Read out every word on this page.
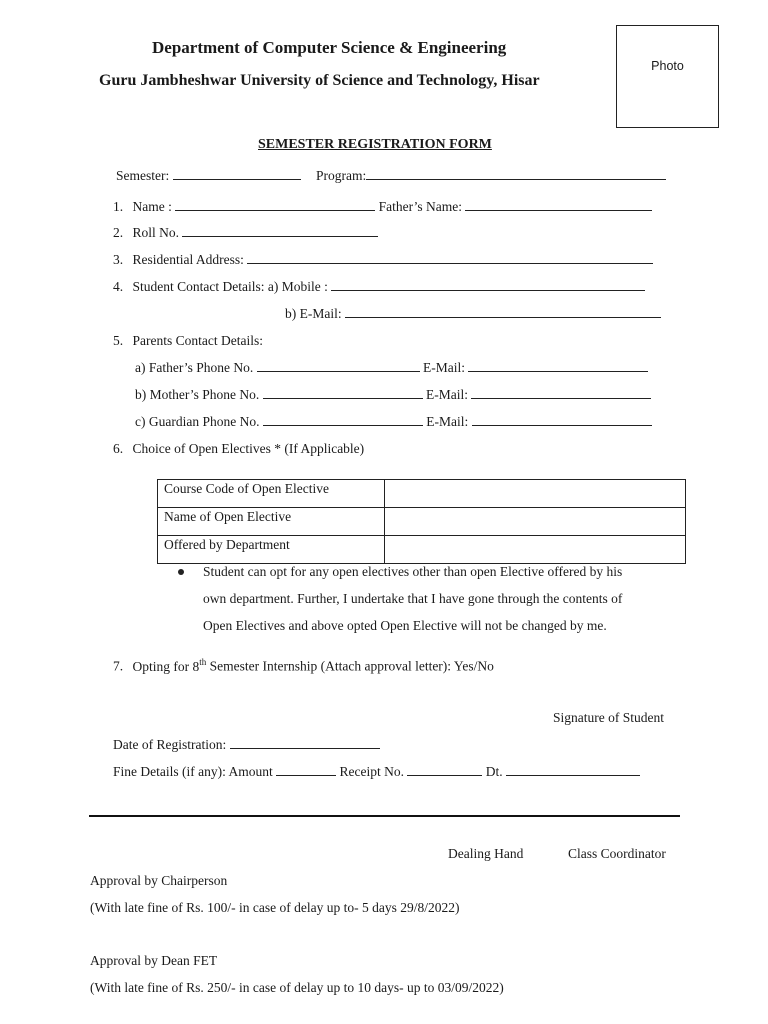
Department of Computer Science & Engineering
Guru Jambheshwar University of Science and Technology, Hisar
Photo
SEMESTER REGISTRATION FORM
Semester:	Program:
1. Name :	Father’s Name:
2. Roll No.
3. Residential Address:
4. Student Contact Details: a) Mobile :
b) E-Mail:
5. Parents Contact Details:
a) Father’s Phone No.	E-Mail:
b) Mother’s Phone No.	E-Mail:
c) Guardian Phone No.	E-Mail:
6. Choice of Open Electives * (If Applicable)
Course Code of Open Elective	
Name of Open Elective	
Offered by Department	
Student can opt for any open electives other than open Elective offered by his
own department. Further, I undertake that I have gone through the contents of
Open Electives and above opted Open Elective will not be changed by me.
7. Opting for 8th Semester Internship (Attach approval letter): Yes/No
Signature of Student
Date of Registration:
Fine Details (if any): Amount	Receipt No.	Dt.
Dealing Hand	Class Coordinator
Approval by Chairperson
(With late fine of Rs. 100/- in case of delay up to- 5 days 29/8/2022)
Approval by Dean FET
(With late fine of Rs. 250/- in case of delay up to 10 days- up to 03/09/2022)
